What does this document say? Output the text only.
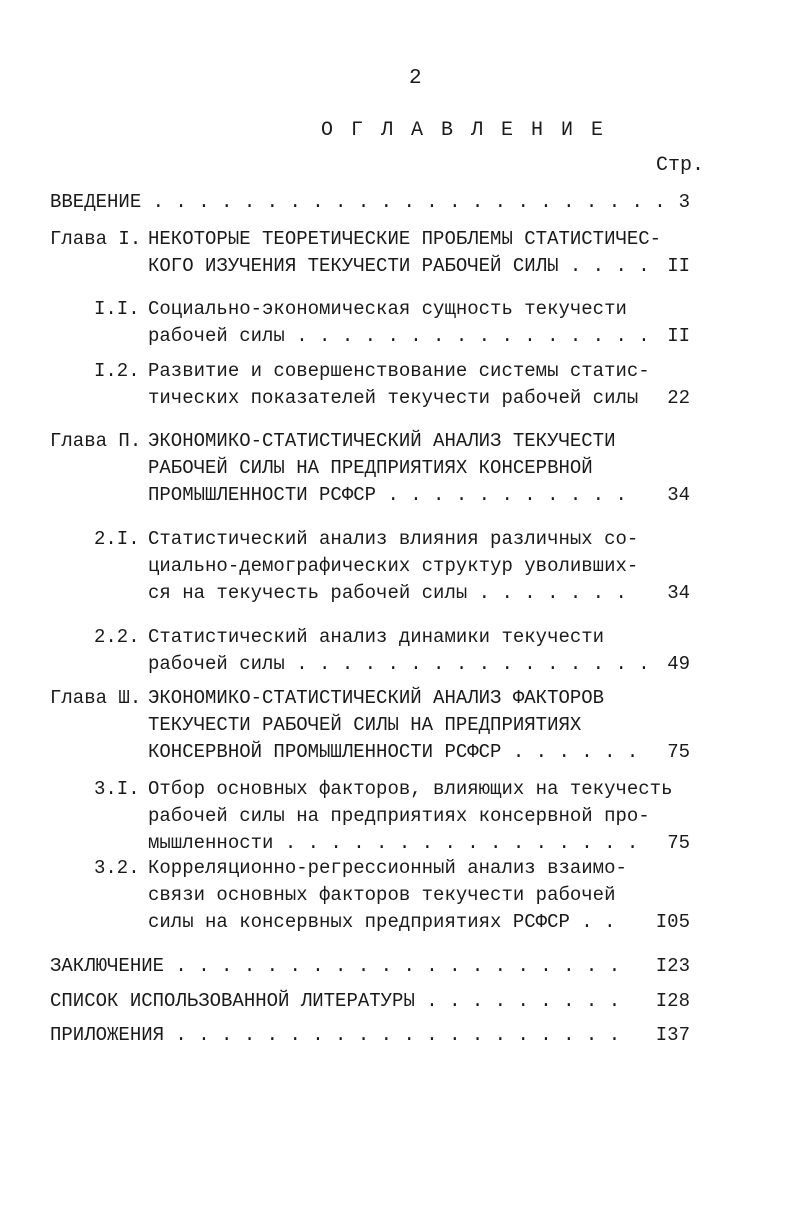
2
О Г Л А В Л Е Н И Е
Стр.
ВВЕДЕНИЕ . . . . . . . . . . . . . . . . . . . . . . . 3
Глава I. НЕКОТОРЫЕ ТЕОРЕТИЧЕСКИЕ ПРОБЛЕМЫ СТАТИСТИЧЕС-
КОГО ИЗУЧЕНИЯ ТЕКУЧЕСТИ РАБОЧЕЙ СИЛЫ . . . . II
I.I. Социально-экономическая сущность текучести
рабочей силы . . . . . . . . . . . . . . . . II
I.2. Развитие и совершенствование системы статис-
тических показателей текучести рабочей силы	22
Глава П. ЭКОНОМИКО-СТАТИСТИЧЕСКИЙ АНАЛИЗ ТЕКУЧЕСТИ
РАБОЧЕЙ СИЛЫ НА ПРЕДПРИЯТИЯХ КОНСЕРВНОЙ
ПРОМЫШЛЕННОСТИ РСФСР . . . . . . . . . . .	34
2.I. Статистический анализ влияния различных со-
циально-демографических структур уволивших-
ся на текучесть рабочей силы . . . . . . .	34
2.2. Статистический анализ динамики текучести
рабочей силы . . . . . . . . . . . . . . . . 49
Глава Ш. ЭКОНОМИКО-СТАТИСТИЧЕСКИЙ АНАЛИЗ ФАКТОРОВ
ТЕКУЧЕСТИ РАБОЧЕЙ СИЛЫ НА ПРЕДПРИЯТИЯХ
КОНСЕРВНОЙ ПРОМЫШЛЕННОСТИ РСФСР . . . . . .	75
3.I. Отбор основных факторов, влияющих на текучесть
рабочей силы на предприятиях консервной про-
мышленности . . . . . . . . . . . . . . . .	75
3.2. Корреляционно-регрессионный анализ взаимо-
связи основных факторов текучести рабочей
силы на консервных предприятиях РСФСР . .	I05
ЗАКЛЮЧЕНИЕ . . . . . . . . . . . . . . . . . . . .	I23
СПИСОК ИСПОЛЬЗОВАННОЙ ЛИТЕРАТУРЫ . . . . . . . . .	I28
ПРИЛОЖЕНИЯ . . . . . . . . . . . . . . . . . . . .	I37
